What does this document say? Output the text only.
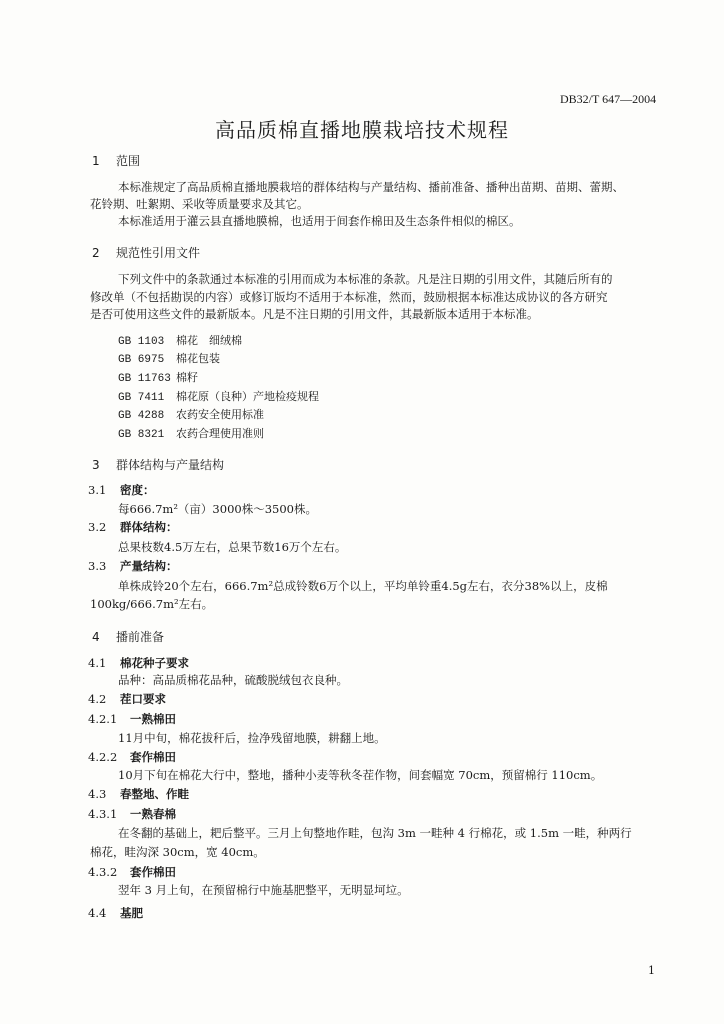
DB32/T 647—2004
高品质棉直播地膜栽培技术规程
1 范围
本标准规定了高品质棉直播地膜栽培的群体结构与产量结构、播前准备、播种出苗期、苗期、蕾期、
花铃期、吐絮期、采收等质量要求及其它。
本标准适用于灌云县直播地膜棉，也适用于间套作棉田及生态条件相似的棉区。
2 规范性引用文件
下列文件中的条款通过本标准的引用而成为本标准的条款。凡是注日期的引用文件，其随后所有的
修改单（不包括勘误的内容）或修订版均不适用于本标准，然而，鼓励根据本标准达成协议的各方研究
是否可使用这些文件的最新版本。凡是不注日期的引用文件，其最新版本适用于本标准。
GB 1103 棉花　细绒棉
GB 6975 棉花包装
GB 11763 棉籽
GB 7411 棉花原（良种）产地检疫规程
GB 4288 农药安全使用标准
GB 8321 农药合理使用准则
3 群体结构与产量结构
3.1 密度：
每666.7m²（亩）3000株～3500株。
3.2 群体结构：
总果枝数4.5万左右，总果节数16万个左右。
3.3 产量结构：
单株成铃20个左右，666.7m²总成铃数6万个以上，平均单铃重4.5g左右，衣分38%以上，皮棉
100kg/666.7m²左右。
4 播前准备
4.1 棉花种子要求
品种：高品质棉花品种，硫酸脱绒包衣良种。
4.2 茬口要求
4.2.1 一熟棉田
11月中旬，棉花拔秆后，捡净残留地膜，耕翻上地。
4.2.2 套作棉田
10月下旬在棉花大行中，整地，播种小麦等秋冬茬作物，间套幅宽 70cm，预留棉行 110cm。
4.3 春整地、作畦
4.3.1 一熟春棉
在冬翻的基础上，耙后整平。三月上旬整地作畦，包沟 3m 一畦种 4 行棉花，或 1.5m 一畦，种两行
棉花，畦沟深 30cm，宽 40cm。
4.3.2 套作棉田
翌年 3 月上旬，在预留棉行中施基肥整平，无明显坷垃。
4.4 基肥
1
